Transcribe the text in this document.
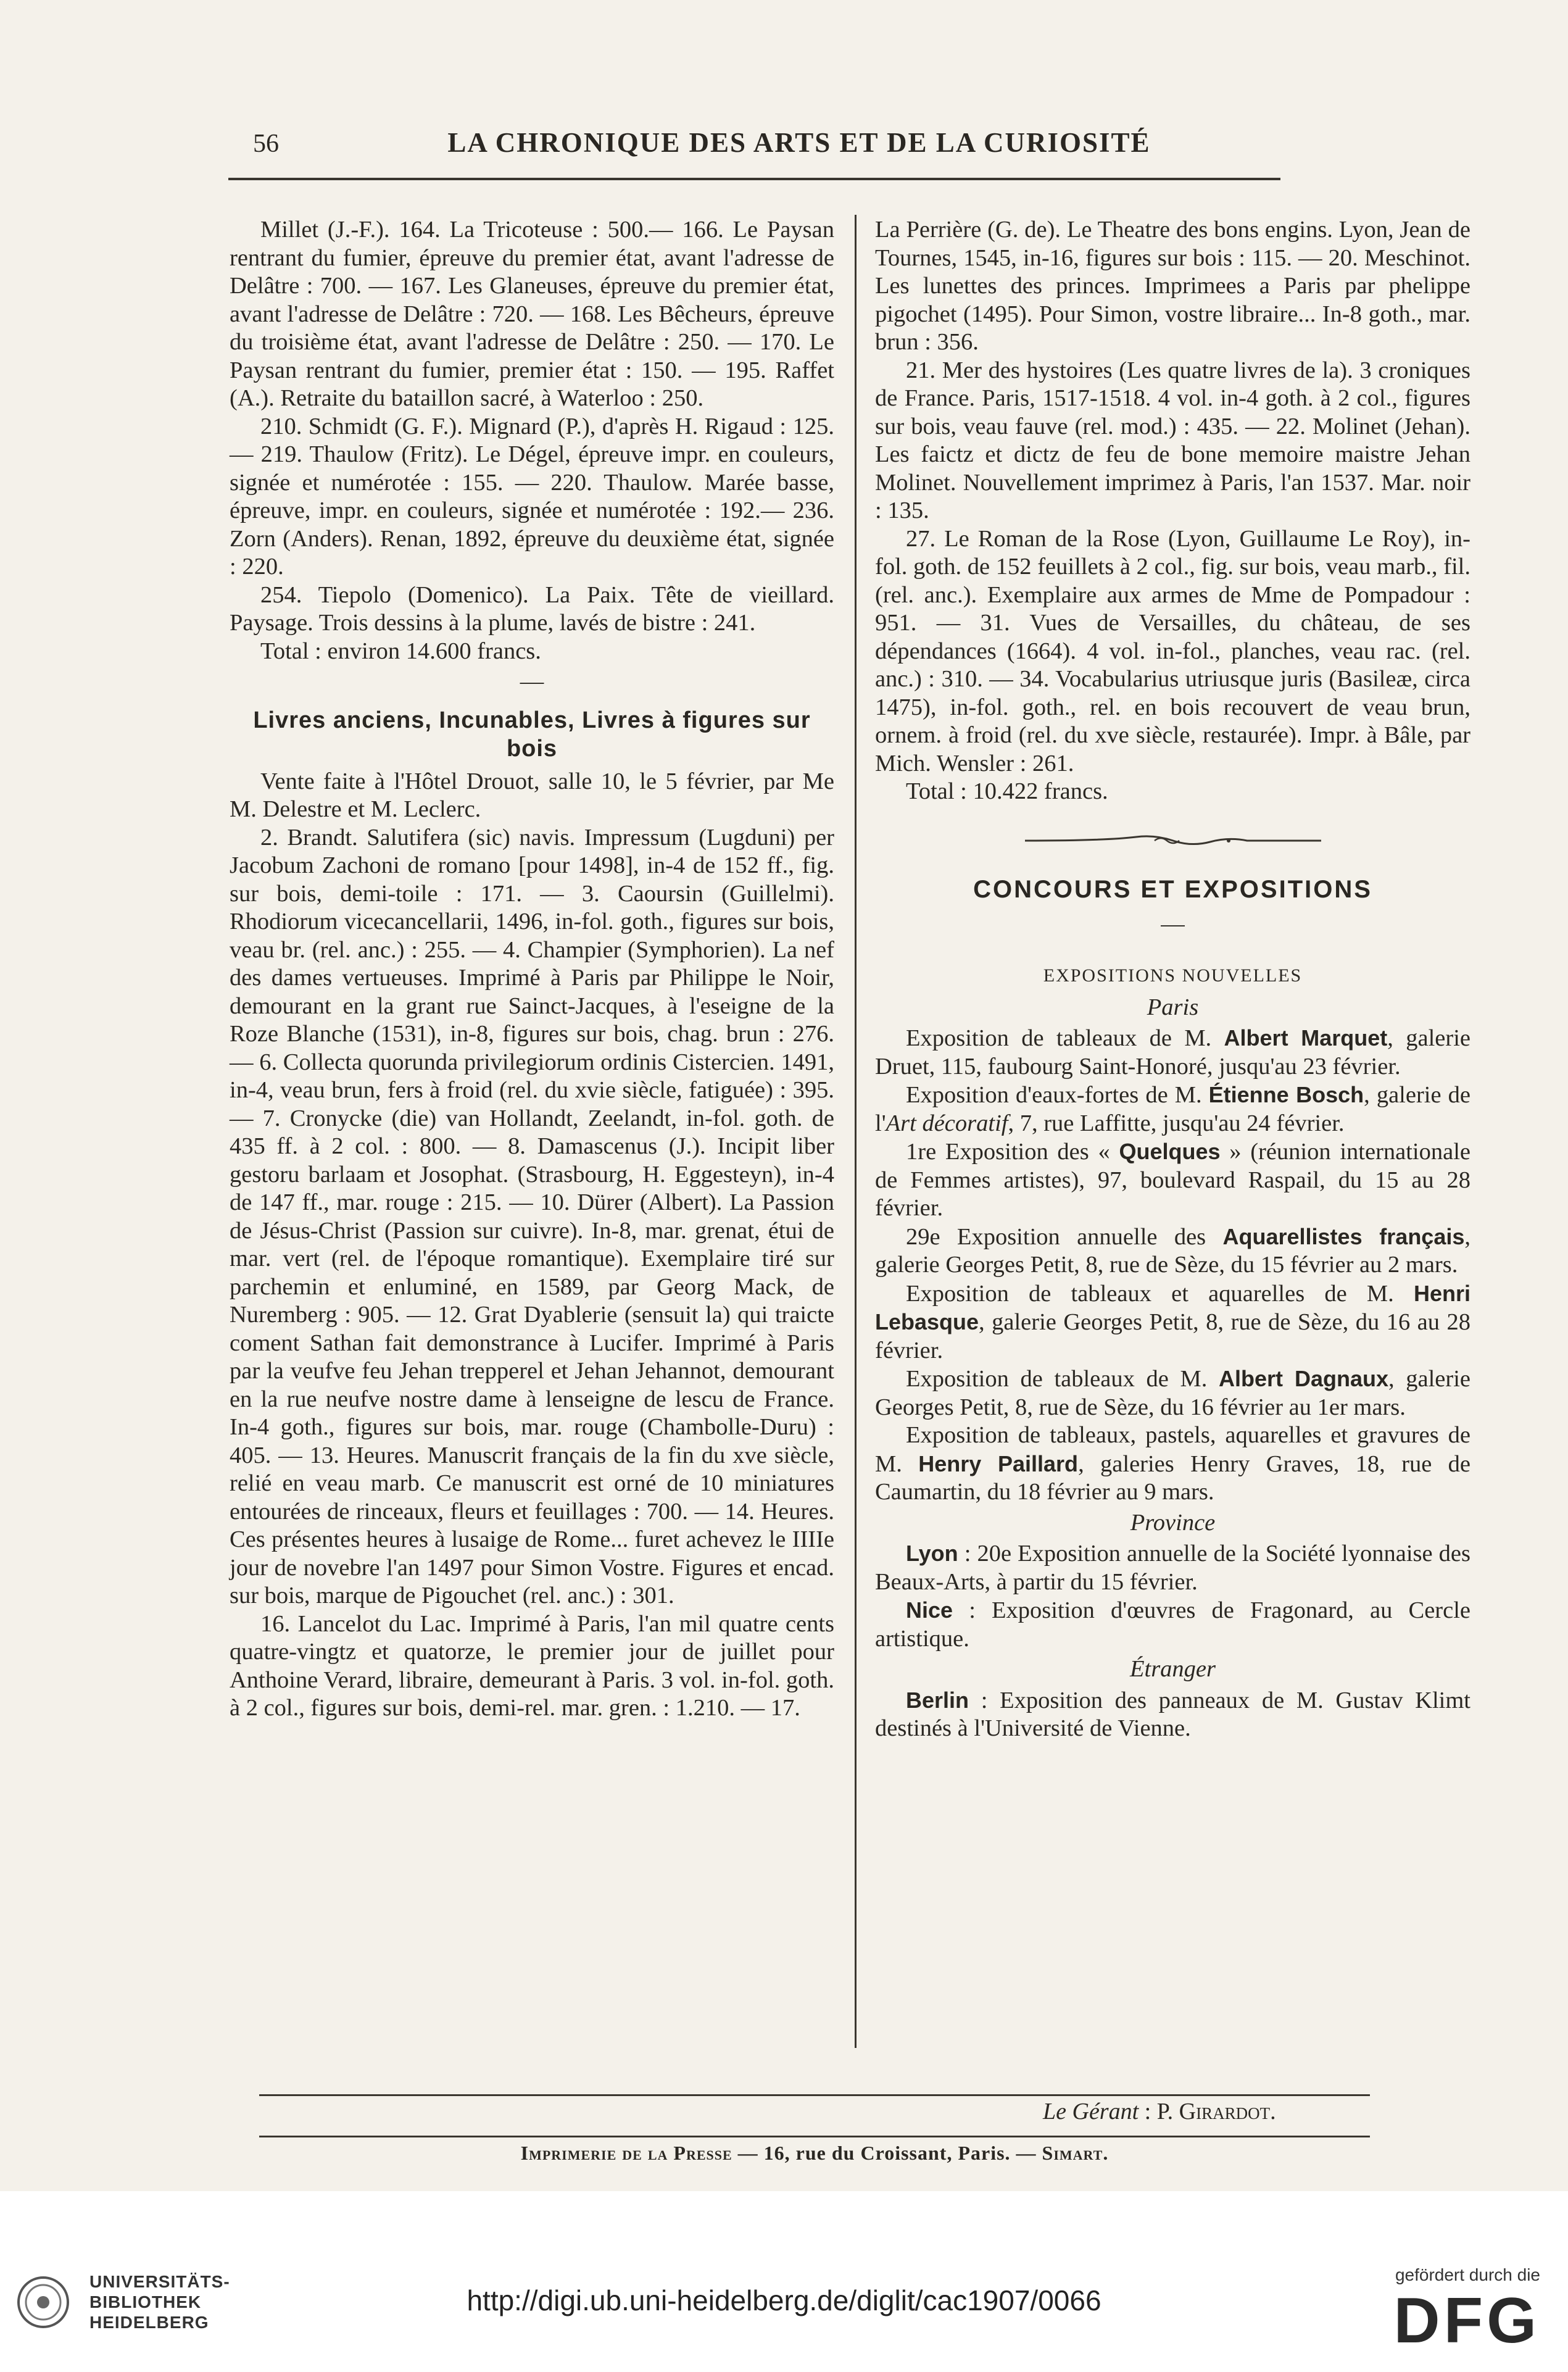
56	LA CHRONIQUE DES ARTS ET DE LA CURIOSITÉ

Millet (J.-F.). 164. La Tricoteuse : 500.— 166. Le Paysan rentrant du fumier, épreuve du premier état, avant l'adresse de Delâtre : 700. — 167. Les Glaneuses, épreuve du premier état, avant l'adresse de Delâtre : 720. — 168. Les Bêcheurs, épreuve du troisième état, avant l'adresse de Delâtre : 250. — 170. Le Paysan rentrant du fumier, premier état : 150. — 195. Raffet (A.). Retraite du bataillon sacré, à Waterloo : 250.

210. Schmidt (G. F.). Mignard (P.), d'après H. Rigaud : 125. — 219. Thaulow (Fritz). Le Dégel, épreuve impr. en couleurs, signée et numérotée : 155. — 220. Thaulow. Marée basse, épreuve, impr. en couleurs, signée et numérotée : 192.— 236. Zorn (Anders). Renan, 1892, épreuve du deuxième état, signée : 220.

254. Tiepolo (Domenico). La Paix. Tête de vieillard. Paysage. Trois dessins à la plume, lavés de bistre : 241.

Total : environ 14.600 francs.

—
Livres anciens, Incunables, Livres à figures sur bois

Vente faite à l'Hôtel Drouot, salle 10, le 5 février, par Me M. Delestre et M. Leclerc.

2. Brandt. Salutifera (sic) navis. Impressum (Lugduni) per Jacobum Zachoni de romano [pour 1498], in-4 de 152 ff., fig. sur bois, demi-toile : 171. — 3. Caoursin (Guillelmi). Rhodiorum vicecancellarii, 1496, in-fol. goth., figures sur bois, veau br. (rel. anc.) : 255. — 4. Champier (Symphorien). La nef des dames vertueuses. Imprimé à Paris par Philippe le Noir, demourant en la grant rue Sainct-Jacques, à l'eseigne de la Roze Blanche (1531), in-8, figures sur bois, chag. brun : 276. — 6. Collecta quorunda privilegiorum ordinis Cistercien. 1491, in-4, veau brun, fers à froid (rel. du xvie siècle, fatiguée) : 395. — 7. Cronycke (die) van Hollandt, Zeelandt, in-fol. goth. de 435 ff. à 2 col. : 800. — 8. Damascenus (J.). Incipit liber gestoru barlaam et Josophat. (Strasbourg, H. Eggesteyn), in-4 de 147 ff., mar. rouge : 215. — 10. Dürer (Albert). La Passion de Jésus-Christ (Passion sur cuivre). In-8, mar. grenat, étui de mar. vert (rel. de l'époque romantique). Exemplaire tiré sur parchemin et enluminé, en 1589, par Georg Mack, de Nuremberg : 905. — 12. Grat Dyablerie (sensuit la) qui traicte coment Sathan fait demonstrance à Lucifer. Imprimé à Paris par la veufve feu Jehan trepperel et Jehan Jehannot, demourant en la rue neufve nostre dame à lenseigne de lescu de France. In-4 goth., figures sur bois, mar. rouge (Chambolle-Duru) : 405. — 13. Heures. Manuscrit français de la fin du xve siècle, relié en veau marb. Ce manuscrit est orné de 10 miniatures entourées de rinceaux, fleurs et feuillages : 700. — 14. Heures. Ces présentes heures à lusaige de Rome... furet achevez le IIIIe jour de novebre l'an 1497 pour Simon Vostre. Figures et encad. sur bois, marque de Pigouchet (rel. anc.) : 301.

16. Lancelot du Lac. Imprimé à Paris, l'an mil quatre cents quatre-vingtz et quatorze, le premier jour de juillet pour Anthoine Verard, libraire, demeurant à Paris. 3 vol. in-fol. goth. à 2 col., figures sur bois, demi-rel. mar. gren. : 1.210. — 17.

La Perrière (G. de). Le Theatre des bons engins. Lyon, Jean de Tournes, 1545, in-16, figures sur bois : 115. — 20. Meschinot. Les lunettes des princes. Imprimees a Paris par phelippe pigochet (1495). Pour Simon, vostre libraire... In-8 goth., mar. brun : 356.

21. Mer des hystoires (Les quatre livres de la). 3 croniques de France. Paris, 1517-1518. 4 vol. in-4 goth. à 2 col., figures sur bois, veau fauve (rel. mod.) : 435. — 22. Molinet (Jehan). Les faictz et dictz de feu de bone memoire maistre Jehan Molinet. Nouvellement imprimez à Paris, l'an 1537. Mar. noir : 135.

27. Le Roman de la Rose (Lyon, Guillaume Le Roy), in-fol. goth. de 152 feuillets à 2 col., fig. sur bois, veau marb., fil. (rel. anc.). Exemplaire aux armes de Mme de Pompadour : 951. — 31. Vues de Versailles, du château, de ses dépendances (1664). 4 vol. in-fol., planches, veau rac. (rel. anc.) : 310. — 34. Vocabularius utriusque juris (Basileæ, circa 1475), in-fol. goth., rel. en bois recouvert de veau brun, ornem. à froid (rel. du xve siècle, restaurée). Impr. à Bâle, par Mich. Wensler : 261.

Total : 10.422 francs.

CONCOURS ET EXPOSITIONS
—
EXPOSITIONS NOUVELLES
Paris

Exposition de tableaux de M. Albert Marquet, galerie Druet, 115, faubourg Saint-Honoré, jusqu'au 23 février.

Exposition d'eaux-fortes de M. Étienne Bosch, galerie de l'Art décoratif, 7, rue Laffitte, jusqu'au 24 février.

1re Exposition des « Quelques » (réunion internationale de Femmes artistes), 97, boulevard Raspail, du 15 au 28 février.

29e Exposition annuelle des Aquarellistes français, galerie Georges Petit, 8, rue de Sèze, du 15 février au 2 mars.

Exposition de tableaux et aquarelles de M. Henri Lebasque, galerie Georges Petit, 8, rue de Sèze, du 16 au 28 février.

Exposition de tableaux de M. Albert Dagnaux, galerie Georges Petit, 8, rue de Sèze, du 16 février au 1er mars.

Exposition de tableaux, pastels, aquarelles et gravures de M. Henry Paillard, galeries Henry Graves, 18, rue de Caumartin, du 18 février au 9 mars.

Province

Lyon : 20e Exposition annuelle de la Société lyonnaise des Beaux-Arts, à partir du 15 février.

Nice : Exposition d'œuvres de Fragonard, au Cercle artistique.

Étranger

Berlin : Exposition des panneaux de M. Gustav Klimt destinés à l'Université de Vienne.

Le Gérant : P. Girardot.
Imprimerie de la Presse — 16, rue du Croissant, Paris. — Simart.
UNIVERSITÄTS-
BIBLIOTHEK
HEIDELBERG
http://digi.ub.uni-heidelberg.de/diglit/cac1907/0066
gefördert durch die
DFG
